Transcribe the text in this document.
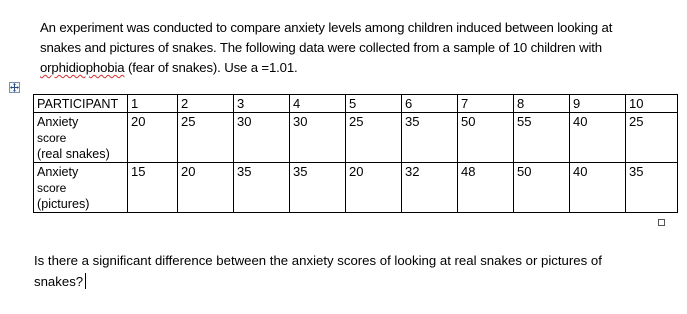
An experiment was conducted to compare anxiety levels among children induced between looking at
snakes and pictures of snakes. The following data were collected from a sample of 10 children with
orphidiophobia (fear of snakes). Use a =1.01.
PARTICIPANT	1	2	3	4	5	6	7	8	9	10

Anxiety
score
(real snakes)	20	25	30	30	25	35	50	55	40	25

Anxiety
score
(pictures)	15	20	35	35	20	32	48	50	40	35
Is there a significant difference between the anxiety scores of looking at real snakes or pictures of
snakes?
